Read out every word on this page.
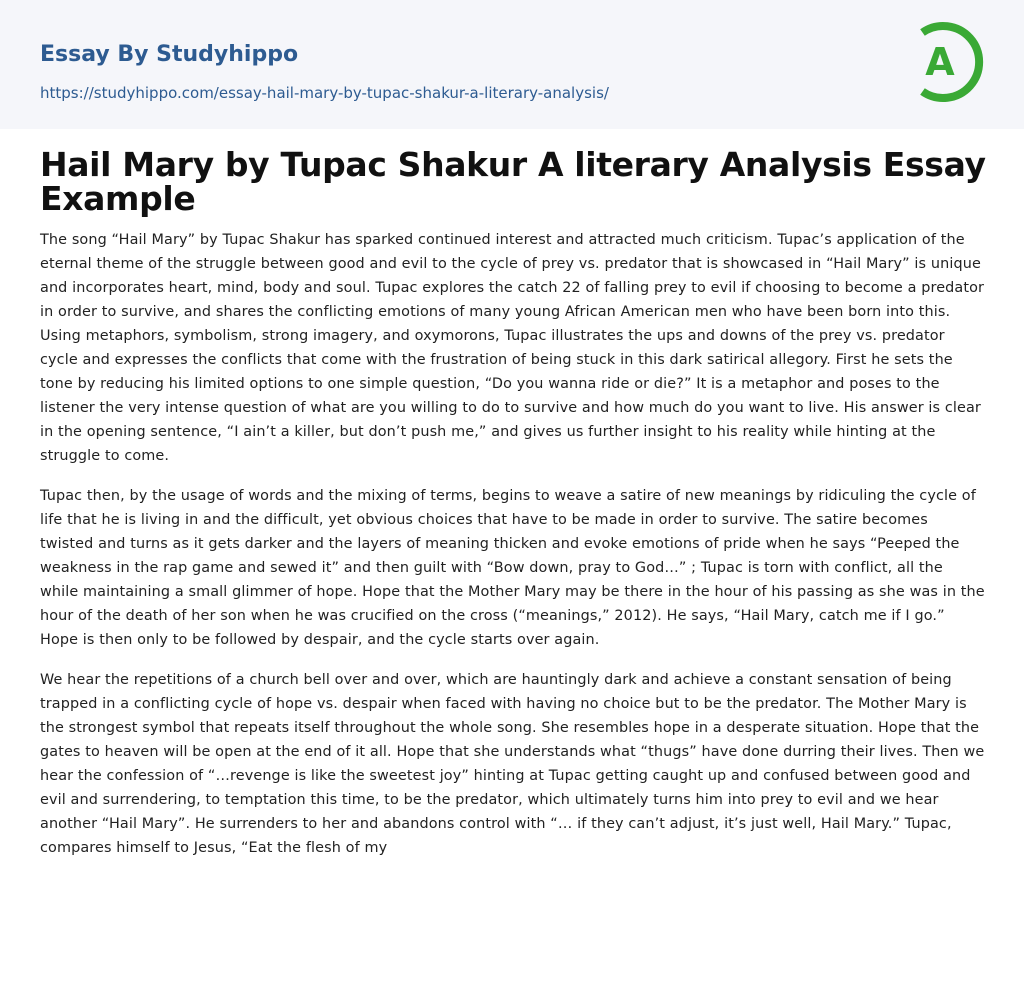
Essay By Studyhippo
https://studyhippo.com/essay-hail-mary-by-tupac-shakur-a-literary-analysis/
A
Hail Mary by Tupac Shakur A literary Analysis Essay Example

The song “Hail Mary” by Tupac Shakur has sparked continued interest and attracted much criticism. Tupac’s application of the eternal theme of the struggle between good and evil to the cycle of prey vs. predator that is showcased in “Hail Mary” is unique and incorporates heart, mind, body and soul. Tupac explores the catch 22 of falling prey to evil if choosing to become a predator in order to survive, and shares the conflicting emotions of many young African American men who have been born into this. Using metaphors, symbolism, strong imagery, and oxymorons, Tupac illustrates the ups and downs of the prey vs. predator cycle and expresses the conflicts that come with the frustration of being stuck in this dark satirical allegory. First he sets the tone by reducing his limited options to one simple question, “Do you wanna ride or die?” It is a metaphor and poses to the listener the very intense question of what are you willing to do to survive and how much do you want to live. His answer is clear in the opening sentence, “I ain’t a killer, but don’t push me,” and gives us further insight to his reality while hinting at the struggle to come.

Tupac then, by the usage of words and the mixing of terms, begins to weave a satire of new meanings by ridiculing the cycle of life that he is living in and the difficult, yet obvious choices that have to be made in order to survive. The satire becomes twisted and turns as it gets darker and the layers of meaning thicken and evoke emotions of pride when he says “Peeped the weakness in the rap game and sewed it” and then guilt with “Bow down, pray to God…” ; Tupac is torn with conflict, all the while maintaining a small glimmer of hope. Hope that the Mother Mary may be there in the hour of his passing as she was in the hour of the death of her son when he was crucified on the cross (“meanings,” 2012). He says, “Hail Mary, catch me if I go.” Hope is then only to be followed by despair, and the cycle starts over again.

We hear the repetitions of a church bell over and over, which are hauntingly dark and achieve a constant sensation of being trapped in a conflicting cycle of hope vs. despair when faced with having no choice but to be the predator. The Mother Mary is the strongest symbol that repeats itself throughout the whole song. She resembles hope in a desperate situation. Hope that the gates to heaven will be open at the end of it all. Hope that she understands what “thugs” have done durring their lives. Then we hear the confession of “…revenge is like the sweetest joy” hinting at Tupac getting caught up and confused between good and evil and surrendering, to temptation this time, to be the predator, which ultimately turns him into prey to evil and we hear another “Hail Mary”. He surrenders to her and abandons control with “… if they can’t adjust, it’s just well, Hail Mary.” Tupac, compares himself to Jesus, “Eat the flesh of my
